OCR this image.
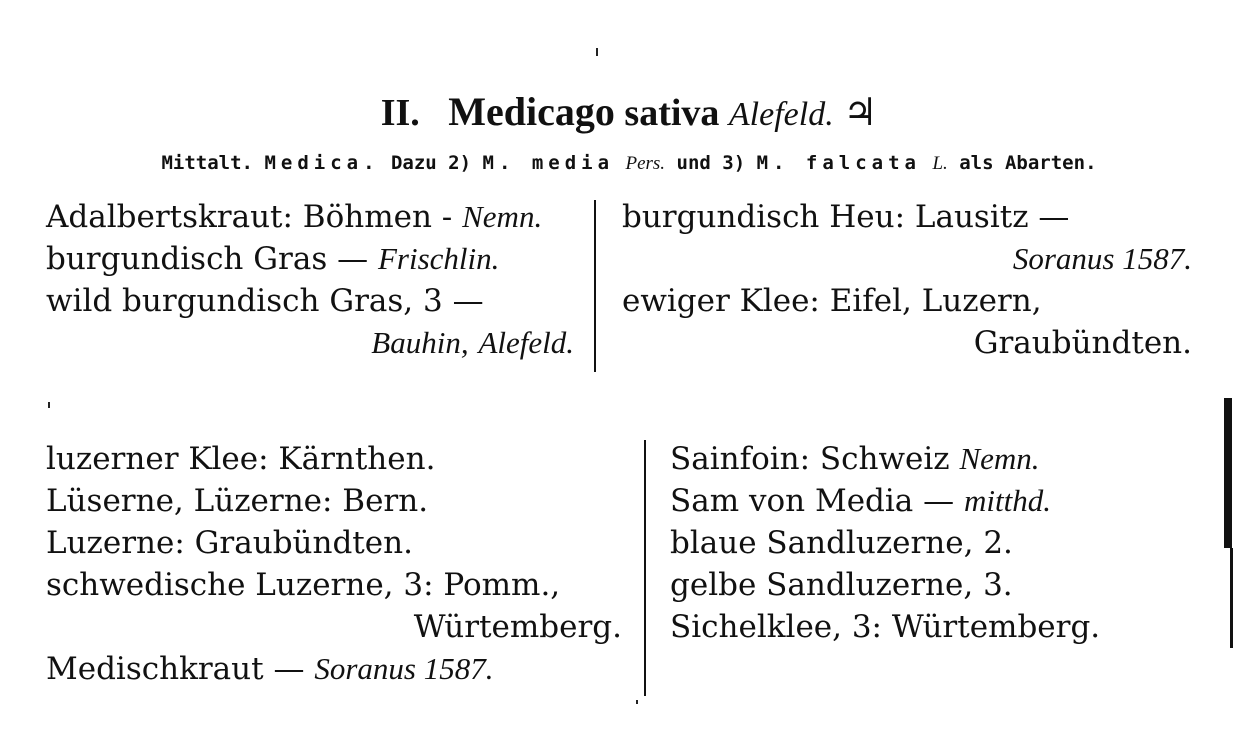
II. Medicago sativa Alefeld. ♃
Mittalt. Medica. Dazu 2) M. media Pers. und 3) M. falcata L. als Abarten.
Adalbertskraut: Böhmen - Nemn.
burgundisch Gras — Frischlin.
wild burgundisch Gras, 3 —
Bauhin, Alefeld.
burgundisch Heu: Lausitz —
Soranus 1587.
ewiger Klee: Eifel, Luzern,
Graubündten.
luzerner Klee: Kärnthen.
Lüserne, Lüzerne: Bern.
Luzerne: Graubündten.
schwedische Luzerne, 3: Pomm.,
Würtemberg.
Medischkraut — Soranus 1587.
Sainfoin: Schweiz Nemn.
Sam von Media — mitthd.
blaue Sandluzerne, 2.
gelbe Sandluzerne, 3.
Sichelklee, 3: Würtemberg.
